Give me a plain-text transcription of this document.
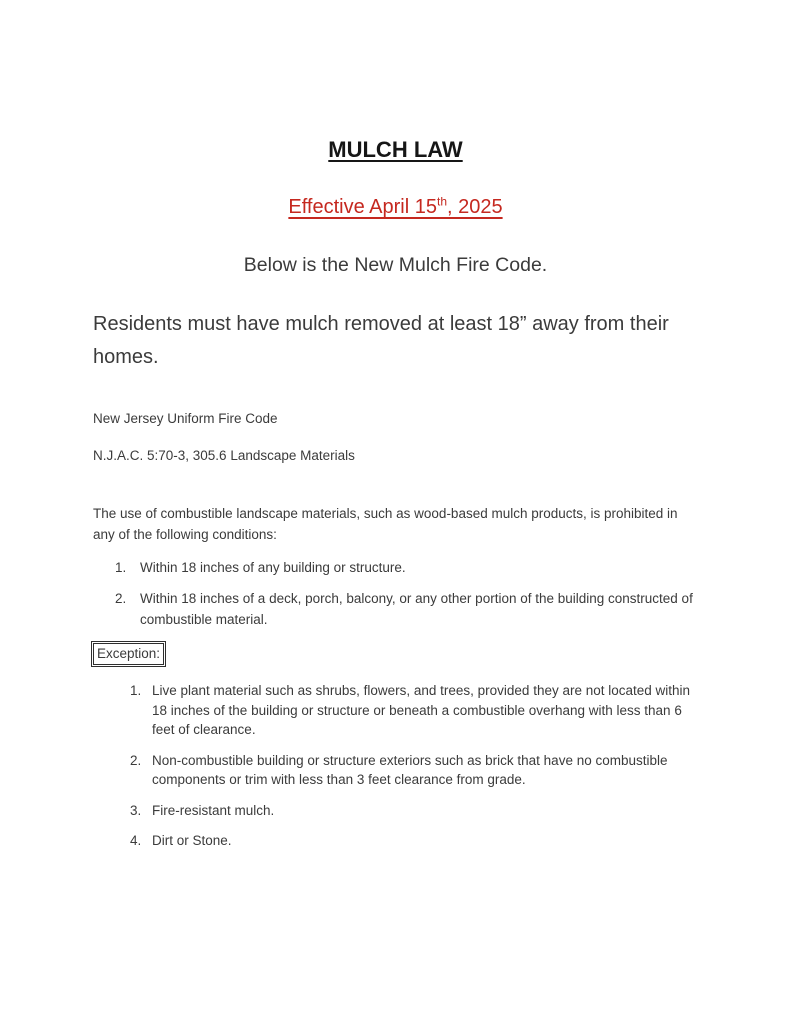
MULCH LAW
Effective April 15th, 2025
Below is the New Mulch Fire Code.
Residents must have mulch removed at least 18” away from their homes.
New Jersey Uniform Fire Code
N.J.A.C. 5:70-3, 305.6 Landscape Materials
The use of combustible landscape materials, such as wood-based mulch products, is prohibited in any of the following conditions:
1.	Within 18 inches of any building or structure.
2.	Within 18 inches of a deck, porch, balcony, or any other portion of the building constructed of combustible material.
Exception:
1. Live plant material such as shrubs, flowers, and trees, provided they are not located within 18 inches of the building or structure or beneath a combustible overhang with less than 6 feet of clearance.
2. Non-combustible building or structure exteriors such as brick that have no combustible components or trim with less than 3 feet clearance from grade.
3. Fire-resistant mulch.
4. Dirt or Stone.
